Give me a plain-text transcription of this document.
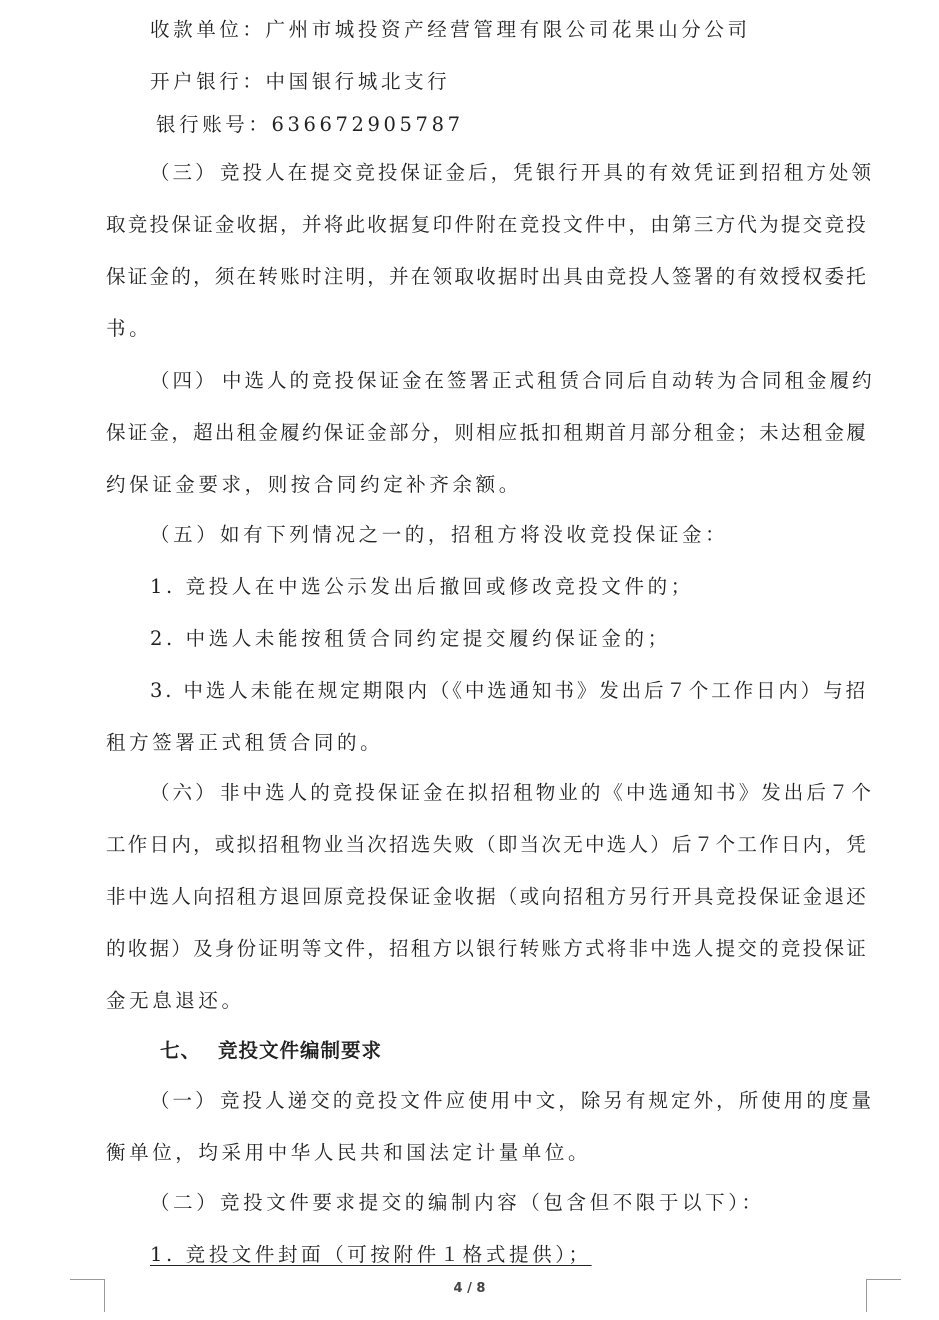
收款单位：广州市城投资产经营管理有限公司花果山分公司
开户银行：中国银行城北支行
银行账号：636672905787
（三） 竞投人在提交竞投保证金后，凭银行开具的有效凭证到招租方处领
取竞投保证金收据，并将此收据复印件附在竞投文件中，由第三方代为提交竞投
保证金的，须在转账时注明，并在领取收据时出具由竞投人签署的有效授权委托
书。
（四） 中选人的竞投保证金在签署正式租赁合同后自动转为合同租金履约
保证金，超出租金履约保证金部分，则相应抵扣租期首月部分租金；未达租金履
约保证金要求，则按合同约定补齐余额。
（五）如有下列情况之一的，招租方将没收竞投保证金：
1. 竞投人在中选公示发出后撤回或修改竞投文件的；
2. 中选人未能按租赁合同约定提交履约保证金的；
3. 中选人未能在规定期限内（《中选通知书》发出后７个工作日内）与招
租方签署正式租赁合同的。
（六） 非中选人的竞投保证金在拟招租物业的《中选通知书》发出后７个
工作日内，或拟招租物业当次招选失败（即当次无中选人）后７个工作日内，凭
非中选人向招租方退回原竞投保证金收据（或向招租方另行开具竞投保证金退还
的收据）及身份证明等文件，招租方以银行转账方式将非中选人提交的竞投保证
金无息退还。
七、 竞投文件编制要求
（一） 竞投人递交的竞投文件应使用中文，除另有规定外，所使用的度量
衡单位，均采用中华人民共和国法定计量单位。
（二）竞投文件要求提交的编制内容（包含但不限于以下）：
1. 竞投文件封面（可按附件１格式提供）；
4 / 8
